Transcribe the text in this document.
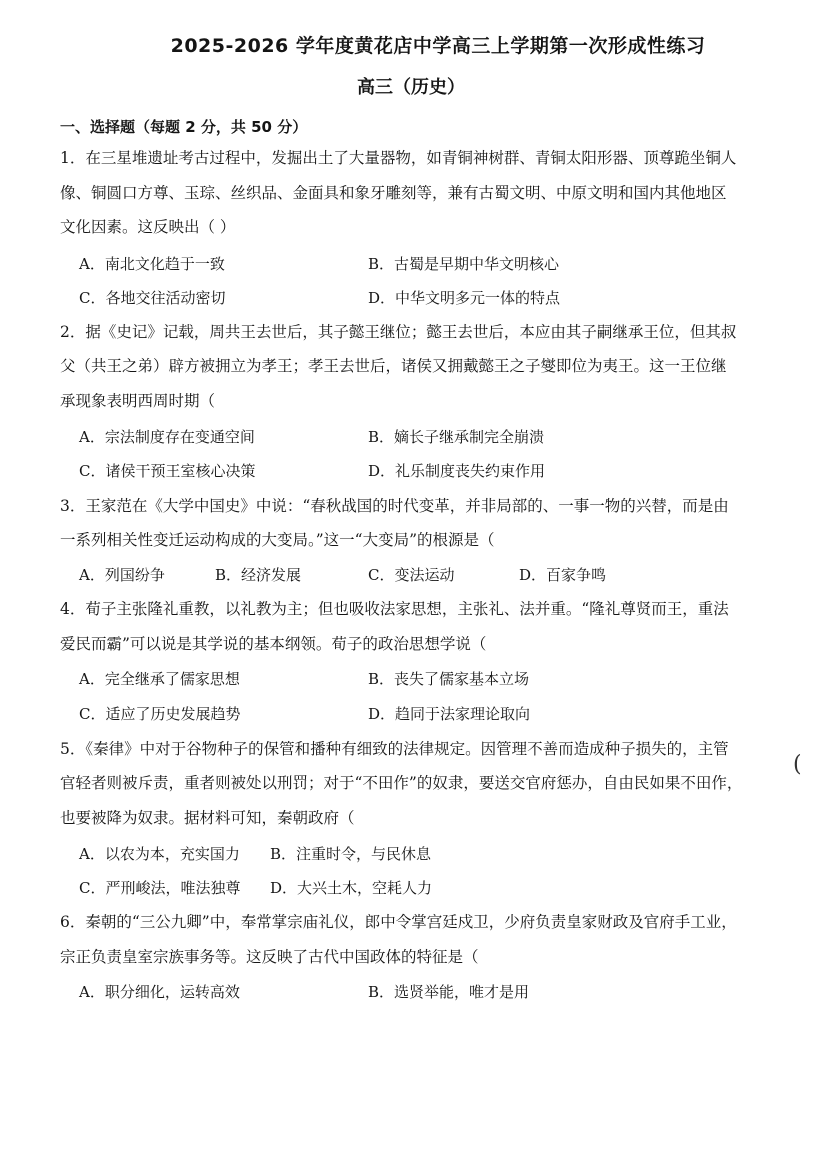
2025-2026 学年度黄花店中学高三上学期第一次形成性练习
高三（历史）
一、选择题（每题 2 分，共 50 分）
1．在三星堆遗址考古过程中，发掘出土了大量器物，如青铜神树群、青铜太阳形器、顶尊跪坐铜人
像、铜圆口方尊、玉琮、丝织品、金面具和象牙雕刻等，兼有古蜀文明、中原文明和国内其他地区
文化因素。这反映出（ ）
A．南北文化趋于一致	B．古蜀是早期中华文明核心
C．各地交往活动密切	D．中华文明多元一体的特点
2．据《史记》记载，周共王去世后，其子懿王继位；懿王去世后，本应由其子嗣继承王位，但其叔
父（共王之弟）辟方被拥立为孝王；孝王去世后，诸侯又拥戴懿王之子燮即位为夷王。这一王位继
承现象表明西周时期（
A．宗法制度存在变通空间	B．嫡长子继承制完全崩溃
C．诸侯干预王室核心决策	D．礼乐制度丧失约束作用
3．王家范在《大学中国史》中说：“春秋战国的时代变革，并非局部的、一事一物的兴替，而是由
一系列相关性变迁运动构成的大变局。”这一“大变局”的根源是（
A．列国纷争	B．经济发展	C．变法运动	D．百家争鸣
4．荀子主张隆礼重教，以礼教为主；但也吸收法家思想，主张礼、法并重。“隆礼尊贤而王，重法
爱民而霸”可以说是其学说的基本纲领。荀子的政治思想学说（
A．完全继承了儒家思想	B．丧失了儒家基本立场
C．适应了历史发展趋势	D．趋同于法家理论取向
5．《秦律》中对于谷物种子的保管和播种有细致的法律规定。因管理不善而造成种子损失的，主管
官轻者则被斥责，重者则被处以刑罚；对于“不田作”的奴隶，要送交官府惩办，自由民如果不田作，
也要被降为奴隶。据材料可知，秦朝政府（
A．以农为本，充实国力 B．注重时令，与民休息
C．严刑峻法，唯法独尊 D．大兴土木，空耗人力
6．秦朝的“三公九卿”中，奉常掌宗庙礼仪，郎中令掌宫廷戍卫，少府负责皇家财政及官府手工业，
宗正负责皇室宗族事务等。这反映了古代中国政体的特征是（
A．职分细化，运转高效	B．选贤举能，唯才是用
(
